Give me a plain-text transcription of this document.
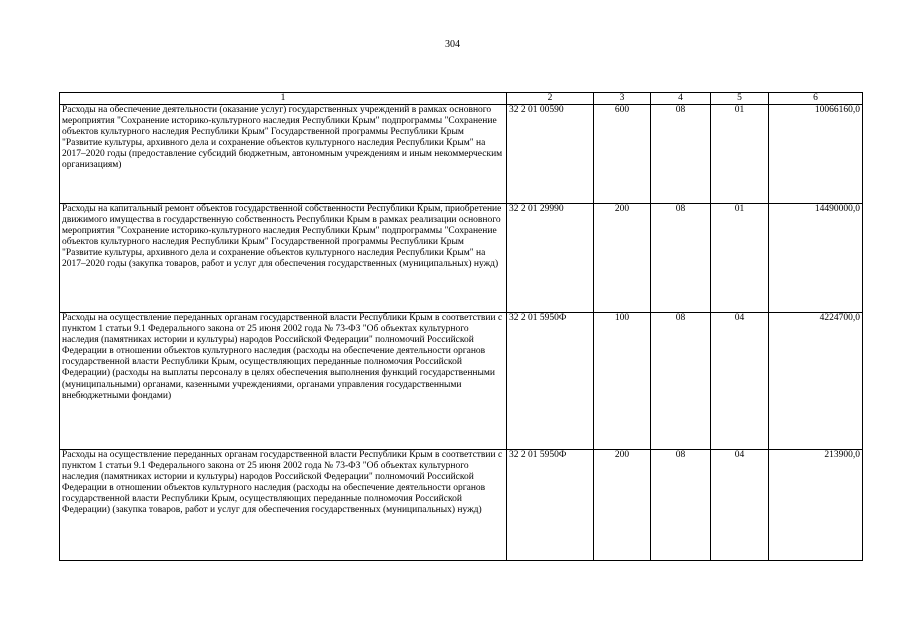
304
1	2	3	4	5	6
Расходы на обеспечение деятельности (оказание услуг) государственных учреждений в рамках основного мероприятия "Сохранение историко-культурного наследия Республики Крым" подпрограммы "Сохранение объектов культурного наследия Республики Крым" Государственной программы Республики Крым "Развитие культуры, архивного дела и сохранение объектов культурного наследия Республики Крым" на 2017–2020 годы (предоставление субсидий бюджетным, автономным учреждениям и иным некоммерческим организациям)	32 2 01 00590	600	08	01	10066160,0
Расходы на капитальный ремонт объектов государственной собственности Республики Крым, приобретение движимого имущества в государственную собственность Республики Крым в рамках реализации основного мероприятия "Сохранение историко-культурного наследия Республики Крым" подпрограммы "Сохранение объектов культурного наследия Республики Крым" Государственной программы Республики Крым "Развитие культуры, архивного дела и сохранение объектов культурного наследия Республики Крым" на 2017–2020 годы (закупка товаров, работ и услуг для обеспечения государственных (муниципальных) нужд)	32 2 01 29990	200	08	01	14490000,0
Расходы на осуществление переданных органам государственной власти Республики Крым в соответствии с пунктом 1 статьи 9.1 Федерального закона от 25 июня 2002 года № 73-ФЗ "Об объектах культурного наследия (памятниках истории и культуры) народов Российской Федерации" полномочий Российской Федерации в отношении объектов культурного наследия (расходы на обеспечение деятельности органов государственной власти Республики Крым, осуществляющих переданные полномочия Российской Федерации) (расходы на выплаты персоналу в целях обеспечения выполнения функций государственными (муниципальными) органами, казенными учреждениями, органами управления государственными внебюджетными фондами)	32 2 01 5950Ф	100	08	04	4224700,0
Расходы на осуществление переданных органам государственной власти Республики Крым в соответствии с пунктом 1 статьи 9.1 Федерального закона от 25 июня 2002 года № 73-ФЗ "Об объектах культурного наследия (памятниках истории и культуры) народов Российской Федерации" полномочий Российской Федерации в отношении объектов культурного наследия (расходы на обеспечение деятельности органов государственной власти Республики Крым, осуществляющих переданные полномочия Российской Федерации) (закупка товаров, работ и услуг для обеспечения государственных (муниципальных) нужд)	32 2 01 5950Ф	200	08	04	213900,0
